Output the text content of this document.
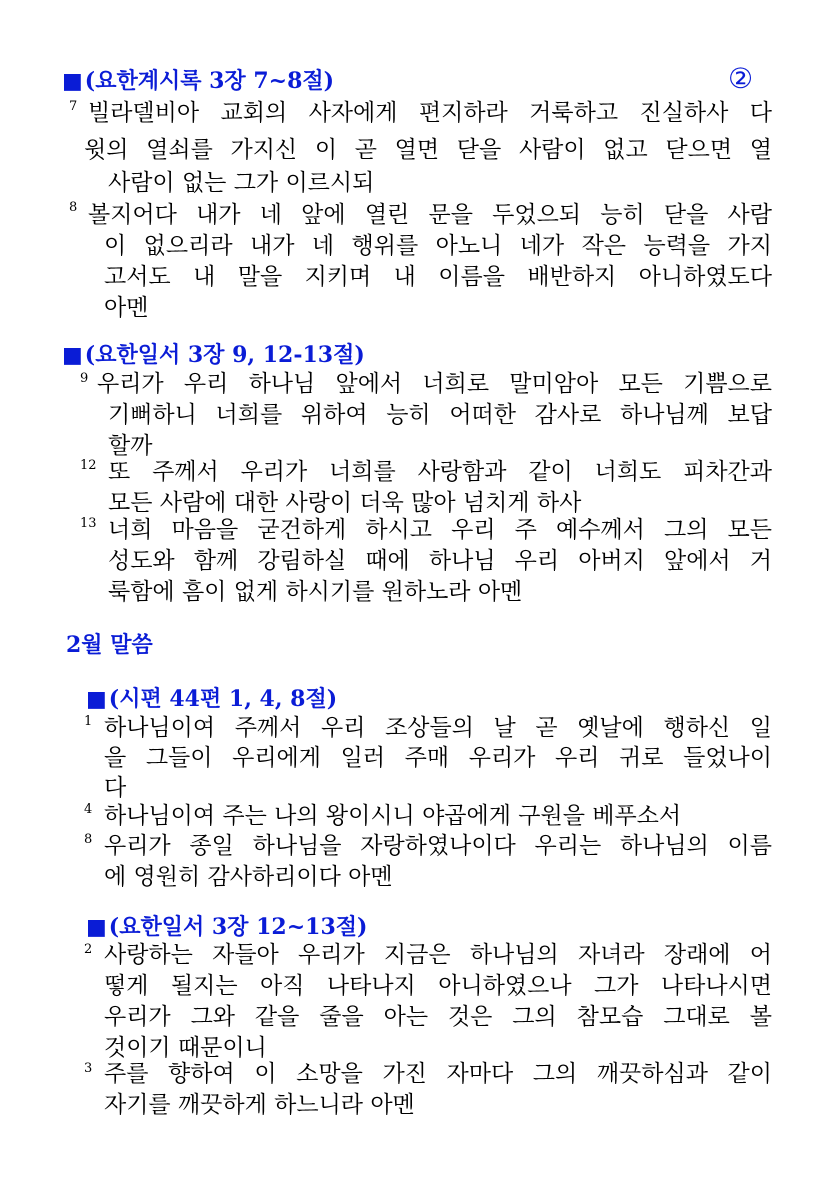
②
■(요한계시록 3장 7~8절)
7 빌라델비아 교회의 사자에게 편지하라 거룩하고 진실하사 다
윗의 열쇠를 가지신 이 곧 열면 닫을 사람이 없고 닫으면 열
사람이 없는 그가 이르시되
8 볼지어다 내가 네 앞에 열린 문을 두었으되 능히 닫을 사람
이 없으리라 내가 네 행위를 아노니 네가 작은 능력을 가지
고서도 내 말을 지키며 내 이름을 배반하지 아니하였도다
아멘
■(요한일서 3장 9, 12-13절)
9 우리가 우리 하나님 앞에서 너희로 말미암아 모든 기쁨으로
기뻐하니 너희를 위하여 능히 어떠한 감사로 하나님께 보답
할까
12 또 주께서 우리가 너희를 사랑함과 같이 너희도 피차간과
모든 사람에 대한 사랑이 더욱 많아 넘치게 하사
13 너희 마음을 굳건하게 하시고 우리 주 예수께서 그의 모든
성도와 함께 강림하실 때에 하나님 우리 아버지 앞에서 거
룩함에 흠이 없게 하시기를 원하노라 아멘
2월 말씀
■(시편 44편 1, 4, 8절)
1 하나님이여 주께서 우리 조상들의 날 곧 옛날에 행하신 일
을 그들이 우리에게 일러 주매 우리가 우리 귀로 들었나이
다
4 하나님이여 주는 나의 왕이시니 야곱에게 구원을 베푸소서
8 우리가 종일 하나님을 자랑하였나이다 우리는 하나님의 이름
에 영원히 감사하리이다 아멘
■(요한일서 3장 12~13절)
2 사랑하는 자들아 우리가 지금은 하나님의 자녀라 장래에 어
떻게 될지는 아직 나타나지 아니하였으나 그가 나타나시면
우리가 그와 같을 줄을 아는 것은 그의 참모습 그대로 볼
것이기 때문이니
3 주를 향하여 이 소망을 가진 자마다 그의 깨끗하심과 같이
자기를 깨끗하게 하느니라 아멘
